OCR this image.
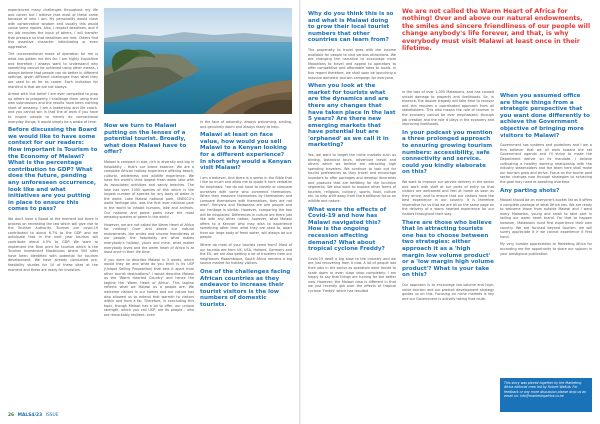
experienced many challenges throughout my life and career but I believe that most of these came because of who I am. My personality would clash with conservative wisdom and usually this would cause some ripples. Also, I respect deadlines, and if my job requires the input of others, I will transfer that pressure so that deadlines are met. Others find this assertive character intimidating or even aggressive.

The unconventional mode of operation for me is what has gotten me this far. I am highly inquisitive and therefore I always want to understand why something cannot be achieved using other means. I always believe that people can do better in different settings, given different challenges than what they are used to as far as career. Each invitation for mankind is that we are not always.

Armed with this belief I am ever compelled to prop up others to prosperity. I challenge them using their own submissions and the results have been nothing short of amazing. I am a leadership and life coach, and you cannot win in that line of work if you have to inspire people to merely do conventional everyday things; it would simply be a waste of time.

Before discussing the Board we would like to have some context for our readers: How important is Tourism to the Economy of Malawi? What is the percentage contribution to GDP? What does the future, pending any unforeseen occurrence, look like and what initiatives are you putting in place to ensure this comes to pass?

We don't have a Board at the moment but there is process on recreating the law which will give rise to the Tourism Authority. Tourism pre covid-19 contributed to about 6.7% to the GDP and we anticipate that in the next year tourism will contribute about 4.5% to GDP. We want to implement the Blue print for tourism which is the Tourism Investment Masterplan where 500 sites have been identified with potential for tourism development. We have already conducted pre-feasibility studies for 10 of these sites at the moment and these are ready for investors.

Now we turn to Malawi putting on the lenses of a potential tourist. Broadly, what does Malawi have to offer?

Malawi is compact in size, rich in diversity and big in hospitality – that's our brand essence. We are a complete African holiday experience offering beach, cultural, wilderness and wildlife experience. We have the world's third largest fresh water lake with its associated activities and sandy beaches. The lake has over 1000 species of fish which is the largest number of species for any body of water in the world. Lake Malawi national park, UNESCO's world heritage site, was the first ever national park in the world to inhabit humans, lake and animals. Our national and game parks have the most amazing species of game in the world.

However, we are not called the Warm Heart of Africa for nothing! Over and above our natural endowments, the smiles and sincere friendliness of our people, the hospitality are what makes everybody's holiday, yours and mine, what makes everybody loves and the warm heart of Africa is at least once in their life time.

If you were to describe Malawi in 3 words, which would they be and what do you think is its USP (Unique Selling Proposition) that sets it apart from other tourist destinations? I would describe Malawi as the 'Warm Hearted Country' and hence the tagline the 'Warm Heart of Africa'. This tagline reflects what we Malawi as a people are. We welcome visitors in our homes and our nature has also allowed us to extend that warmth to visitors within and from a far. Therefore, in concluding this topic, though Malawi has a lot to offer, our unique strength, which you call USP, are its people - who are remarkably resilient, even

in the face of adversity, always welcoming, smiling, and genuinely warm and always ready to help.

Malawi at least on face value, how would you sell Malawi to a Kenyan looking for a different experience? In short why would a Kenyan visit Malawi?

I am a believer. And there is a sense in the Bible that I like so much and allow me to quote it here verbatim for emphasis: "we do not have to closely or compare ourselves with some who commend themselves. When they measure themselves by themselves and compare themselves with themselves, they are not wise". Kenyans and Malawians are one people and our heritage is similar. However, comparing the two will be misplaced. Differences in culture are there just like with any other nation; however, what Malawi offers to a Kenyan who may wish to experience something other than what they are used to, apart from our large body of fresh water, will always be our people.

Where do most of your tourists come from? Most of our tourists are from UK, USA, Holland, Germany and the EU, we are also getting a lot of travelers from our neighbours Mozambique, South Africa remains a big source market for holiday visitors.

One of the challenges facing African countries as they endeavor to increase their tourist visitors is the low numbers of domestic tourists.
26 MALS4/23 ISSUE
Why do you think this is so and what is Malawi doing to grow their local tourist numbers that other countries can learn from?

The propensity to travel goes with the income available for people to visit various attractions. We are changing the narrative to encourage more Malawians to travel and appeal to operators to offer competitive and affordable rates to locals. In this regard therefore, we shall soon be launching a massive domestic tourism campaign for everyone.

When you look at the market for tourists what are the dynamics and are there any changes that have taken place in the last 5 years? Are there new emerging markets that have potential but are 'orphaned' as we call it in marketing?

Yes, we want to target the niche markets such as birding, botanical tours, adventure travel and others which we believe are attracting high spending travelers. We continue to look out for tourist preferences as they travel and encourage investors to offer packages and develop itineraries and products that are befitting for the lucrative segments. We also want to explore other forms of tourism, religious, culinary, sports, food, culture etc. to help shift away from the traditional focus on wildlife and nature.

What were the effects of Covid-19 and how has Malawi navigated this? How is the ongoing recession affecting demand? What about tropical cyclone Freddy?

Covid-19 dealt a big blow to the industry and we are just recovering from it now. A lot of people lost their jobs in the sector as operators were forced to scale down or even close shop completely. I am happy to say that things are turning for the better now. However, the Malawi case is different in that we just recently got over the effects of tropical cyclone 'Freddy' which has resulted

We are not called the Warm Heart of Africa for nothing! Over and above our natural endowments, the smiles and sincere friendliness of our people will change anybody's life forever, and that, is why everybody must visit Malawi at least once in their lifetime.

in the loss of over 1,000 Malawians, and has caused untold damage to property and livelihoods. So, in essence, the double tragedy will take time to recover and this requires a coordinated approach from all stakeholders. This also means the role of tourism in the economy cannot be over emphasized, through job creation and the role it plays in the economy and improving livelihoods.

In your podcast you mention a three prolonged approach to ensuring growing tourism numbers: accessibility, safe connectivity and service. could you kindly elaborate on this?

We want to improve our service delivery in the sector and work with staff at our ports of entry so that visitors are welcomed and feel at home as soon as they arrive, and to ensure that our visitors have the best experience in our country. It is therefore imperative for us that we are all on the same page on the delivery of a warm hearted experience for our visitors throughout their stay.

There are those who believe that in attracting tourists one has to choose between two strategies: either approach it as a 'high margin low volume product' or a 'low margin high volume product'? What is your take on this?

Our approach is to encourage low-volume and high-value tourism and our product development strategy guides us on this. Focusing on niche markets is key and our Government is actively taking that route.

When you assumed office are there things from a strategic perspective that you want done differently to achieve the Government objective of bringing more visitors to Malawi?

Government has systems and guidelines and I am a firm believer that we all work toward the set Government agenda and I'll strive to make the Department deliver on its mandate. I believe cultivating a healthy working relationship with the industry stakeholders and the team here shall make our tourism grow and thrive. Focus on the tourist gold sector changes now through strategies to achieving the goal may need re-tweaking overtime.

Any parting shots?

Malawi should be on everyone's bucket list as it offers a complete package of what Africa has. We are ready to welcome those from outside Malawi and I want every Malawian, young and small to take part in selling our warm heart brand. For that to happen however, Malawians must first experience their own country. We are focused beyond tourism. we will surely appreciate it if we cannot experience it first hand.

My very humble appreciation to Marketing Africa for according me the opportunity to share our sojourn in your prestigious publication.

This story was pieced together by the Marketing Africa editorial crew led by Robert Wafula. For feedback or any more discussion please drop us an email on: info@marketingafrica.co.ke
